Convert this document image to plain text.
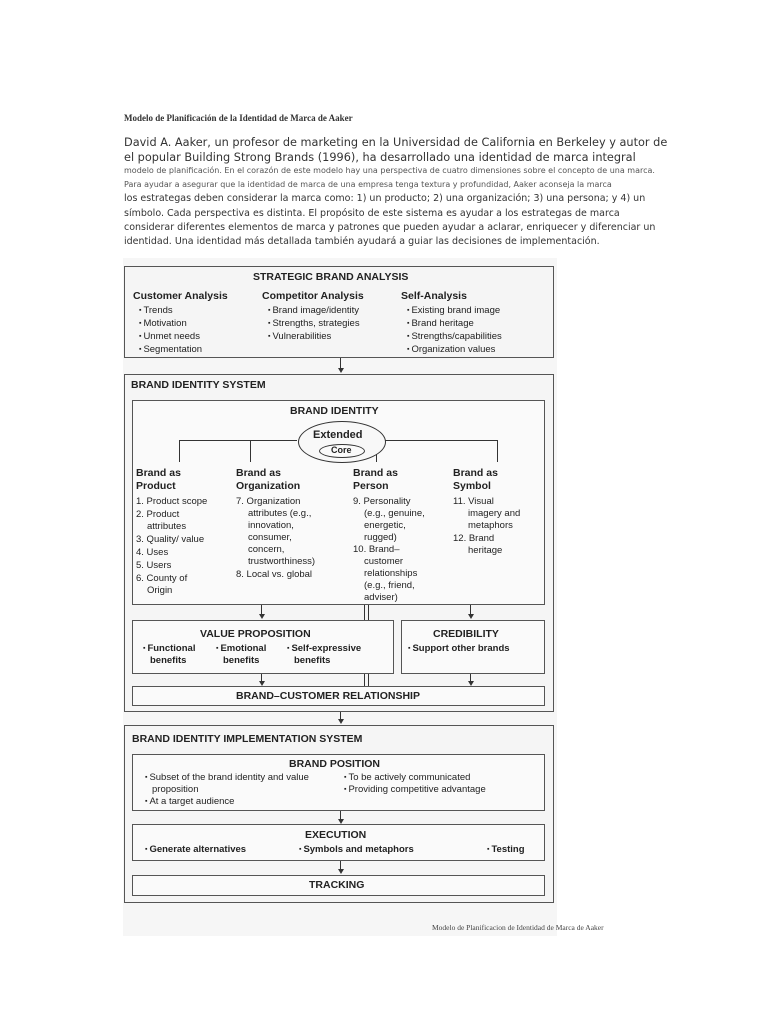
Modelo de Planificación de la Identidad de Marca de Aaker
David A. Aaker, un profesor de marketing en la Universidad de California en Berkeley y autor de
el popular Building Strong Brands (1996), ha desarrollado una identidad de marca integral
modelo de planificación. En el corazón de este modelo hay una perspectiva de cuatro dimensiones sobre el concepto de una marca.
Para ayudar a asegurar que la identidad de marca de una empresa tenga textura y profundidad, Aaker aconseja la marca
los estrategas deben considerar la marca como: 1) un producto; 2) una organización; 3) una persona; y 4) un
símbolo. Cada perspectiva es distinta. El propósito de este sistema es ayudar a los estrategas de marca
considerar diferentes elementos de marca y patrones que pueden ayudar a aclarar, enriquecer y diferenciar un
identidad. Una identidad más detallada también ayudará a guiar las decisiones de implementación.
STRATEGIC BRAND ANALYSIS
Customer Analysis
▪ Trends
▪ Motivation
▪ Unmet needs
▪ Segmentation
Competitor Analysis
▪ Brand image/identity
▪ Strengths, strategies
▪ Vulnerabilities
Self-Analysis
▪ Existing brand image
▪ Brand heritage
▪ Strengths/capabilities
▪ Organization values
BRAND IDENTITY SYSTEM
BRAND IDENTITY
Extended
Core
Brand as
Product
1. Product scope
2. Product
attributes
3. Quality/ value
4. Uses
5. Users
6. County of
Origin
Brand as
Organization
7. Organization
attributes (e.g.,
innovation,
consumer,
concern,
trustworthiness)
8. Local vs. global
Brand as
Person
9. Personality
(e.g., genuine,
energetic,
rugged)
10. Brand–
customer
relationships
(e.g., friend,
adviser)
Brand as
Symbol
11. Visual
imagery and
metaphors
12. Brand
heritage
VALUE PROPOSITION
▪ Functional
benefits
▪ Emotional
benefits
▪ Self-expressive
benefits
CREDIBILITY
▪ Support other brands
BRAND–CUSTOMER RELATIONSHIP
BRAND IDENTITY IMPLEMENTATION SYSTEM
BRAND POSITION
▪ Subset of the brand identity and value
proposition
▪ At a target audience
▪ To be actively communicated
▪ Providing competitive advantage
EXECUTION
▪ Generate alternatives	▪ Symbols and metaphors	▪ Testing
TRACKING
Modelo de Planificacion de Identidad de Marca de Aaker
